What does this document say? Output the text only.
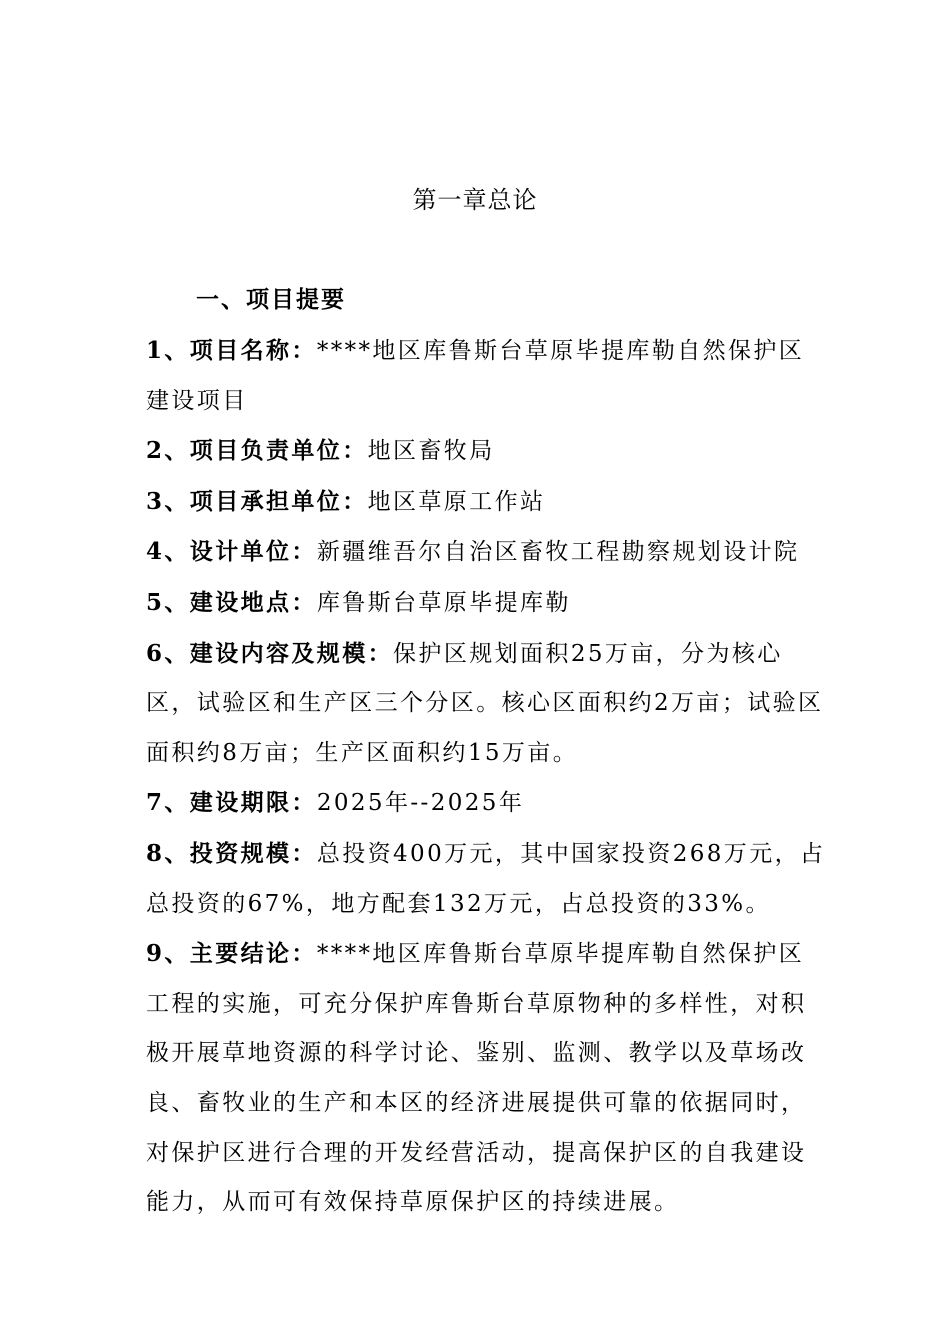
第一章总论
一、项目提要

1、项目名称：****地区库鲁斯台草原毕提库勒自然保护区建设项目

2、项目负责单位：地区畜牧局

3、项目承担单位：地区草原工作站

4、设计单位：新疆维吾尔自治区畜牧工程勘察规划设计院

5、建设地点：库鲁斯台草原毕提库勒

6、建设内容及规模：保护区规划面积25万亩，分为核心区，试验区和生产区三个分区。核心区面积约2万亩；试验区面积约8万亩；生产区面积约15万亩。

7、建设期限：2025年--2025年

8、投资规模：总投资400万元，其中国家投资268万元，占总投资的67%，地方配套132万元，占总投资的33%。

9、主要结论：****地区库鲁斯台草原毕提库勒自然保护区工程的实施，可充分保护库鲁斯台草原物种的多样性，对积极开展草地资源的科学讨论、鉴别、监测、教学以及草场改良、畜牧业的生产和本区的经济进展提供可靠的依据同时，对保护区进行合理的开发经营活动，提高保护区的自我建设能力，从而可有效保持草原保护区的持续进展。
